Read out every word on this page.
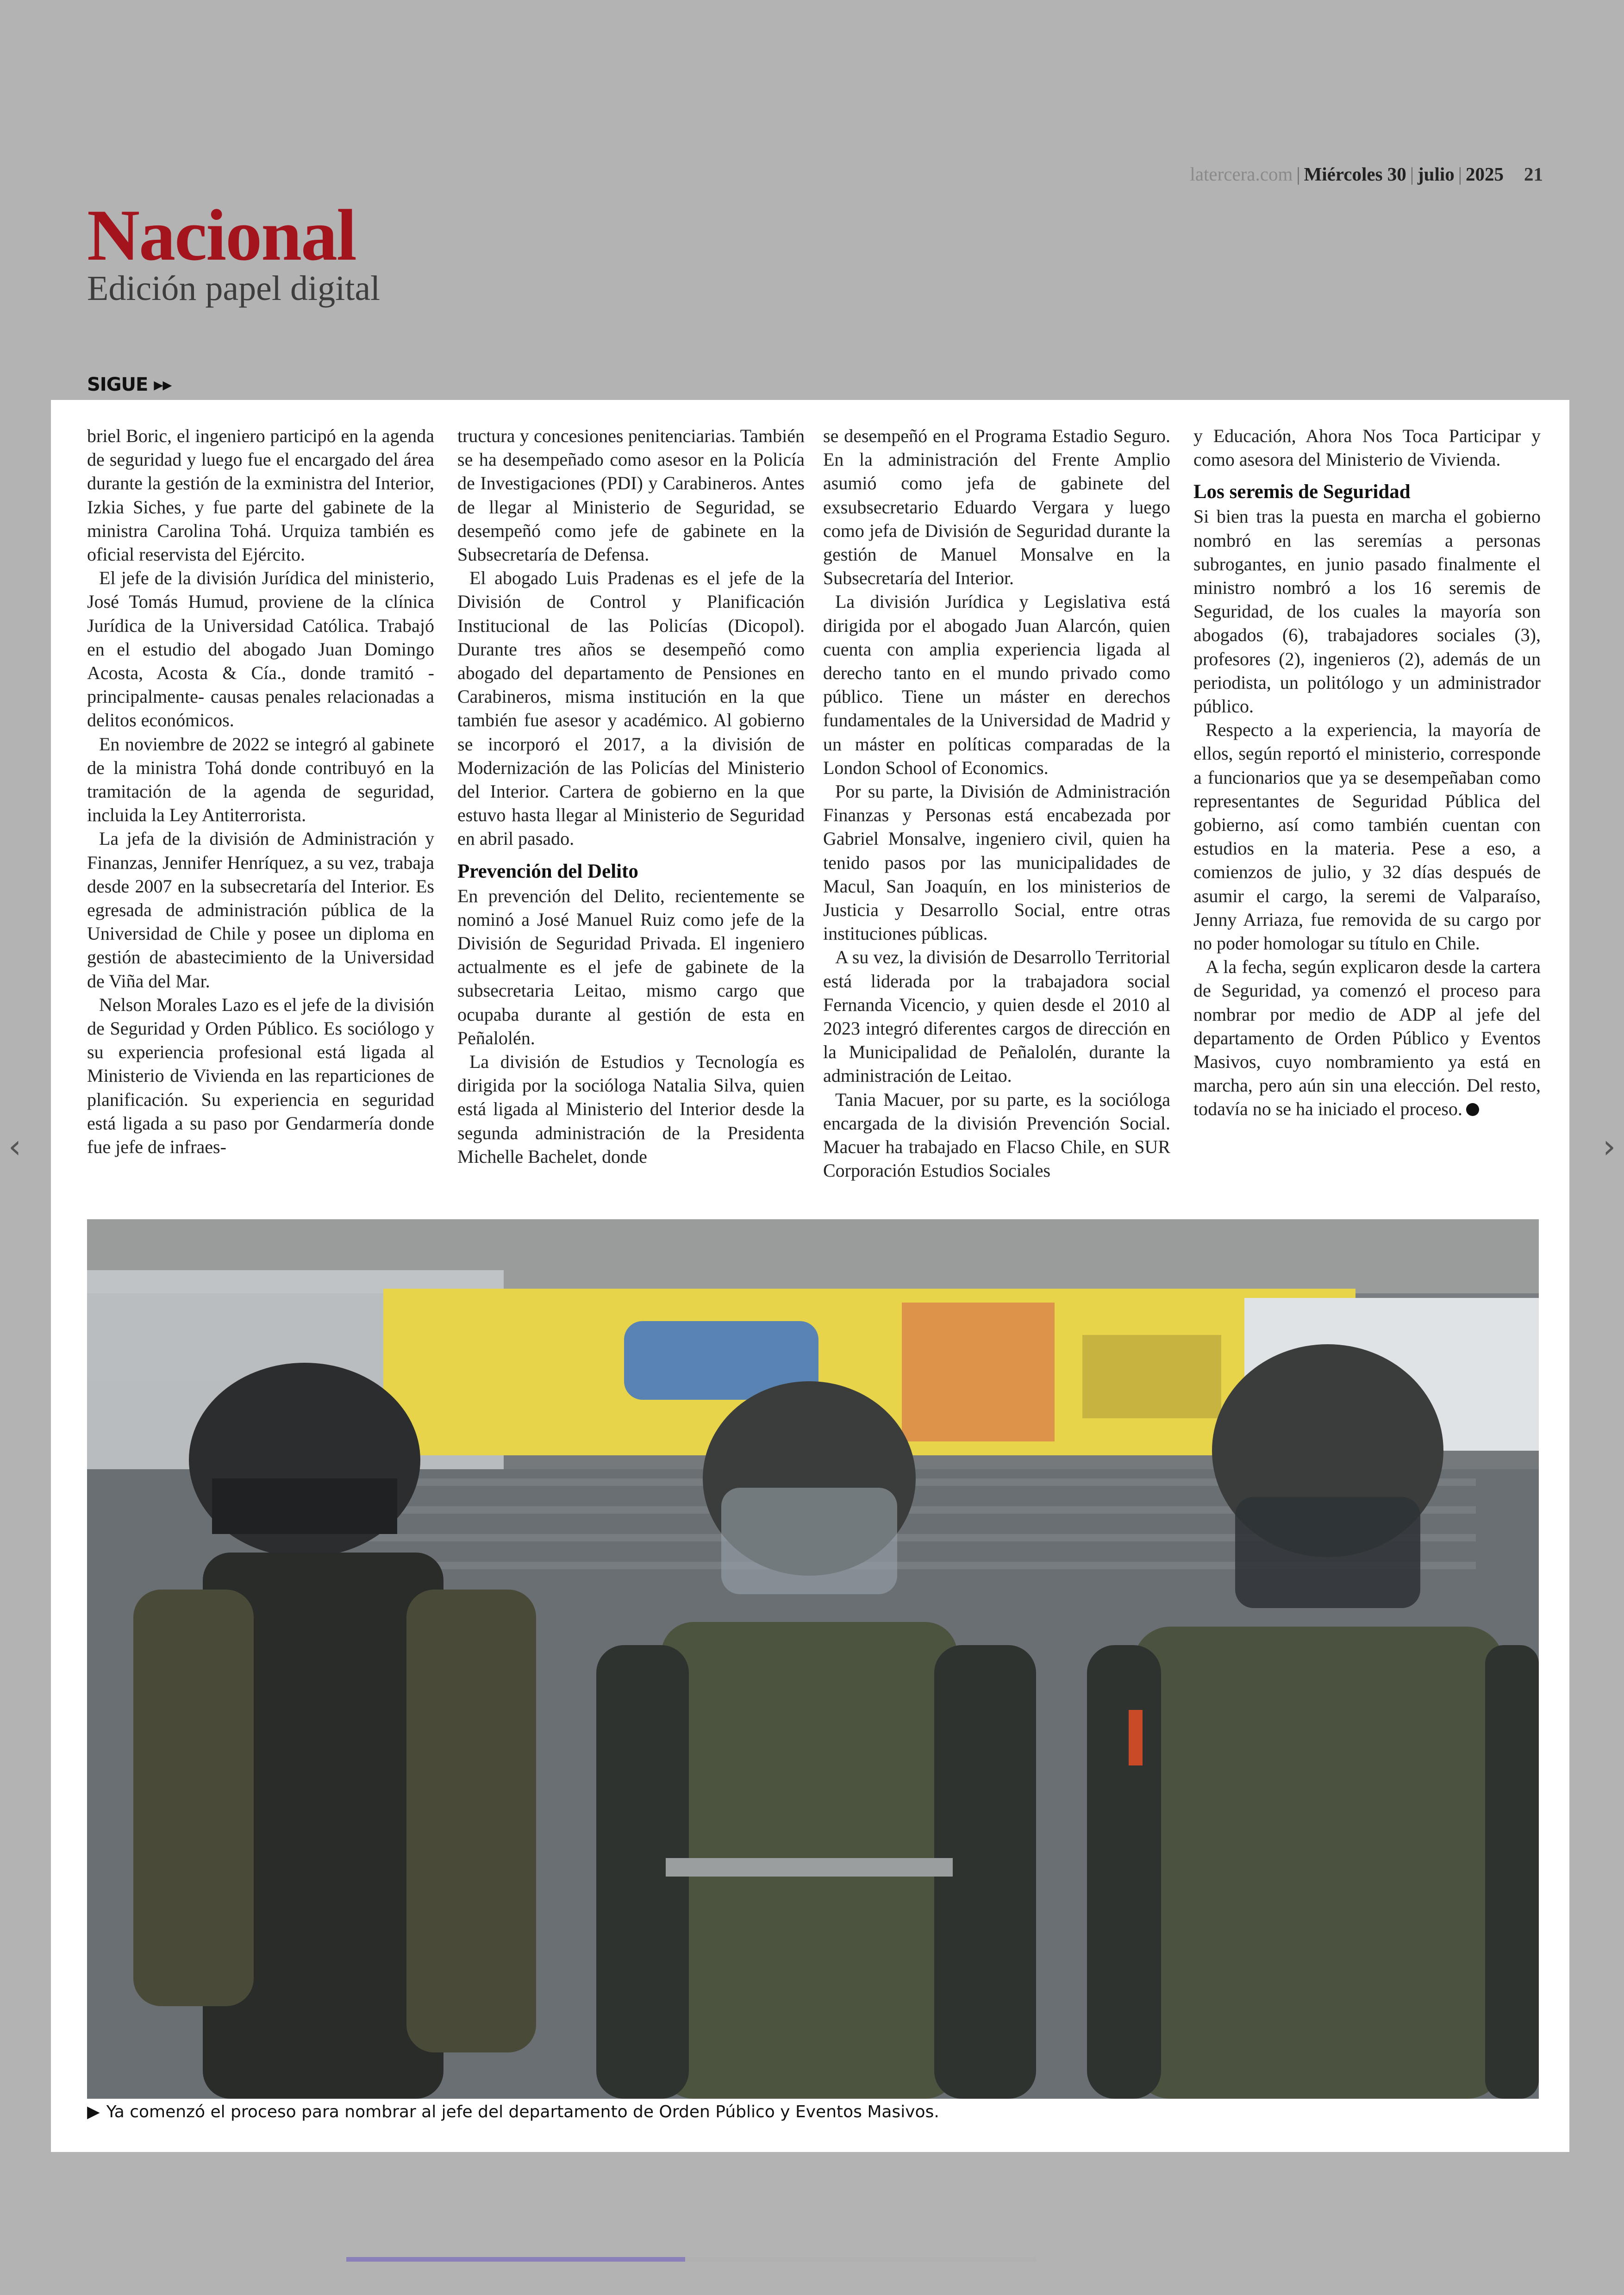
latercera.com | Miércoles 30 | julio | 2025 21
Nacional
Edición papel digital
SIGUE ▸▸

briel Boric, el ingeniero participó en la agenda de seguridad y luego fue el encargado del área durante la gestión de la exministra del Interior, Izkia Siches, y fue parte del gabinete de la ministra Carolina Tohá. Urquiza también es oficial reservista del Ejército.

El jefe de la división Jurídica del ministerio, José Tomás Humud, proviene de la clínica Jurídica de la Universidad Católica. Trabajó en el estudio del abogado Juan Domingo Acosta, Acosta & Cía., donde tramitó -principalmente- causas penales relacionadas a delitos económicos.

En noviembre de 2022 se integró al gabinete de la ministra Tohá donde contribuyó en la tramitación de la agenda de seguridad, incluida la Ley Antiterrorista.

La jefa de la división de Administración y Finanzas, Jennifer Henríquez, a su vez, trabaja desde 2007 en la subsecretaría del Interior. Es egresada de administración pública de la Universidad de Chile y posee un diploma en gestión de abastecimiento de la Universidad de Viña del Mar.

Nelson Morales Lazo es el jefe de la división de Seguridad y Orden Público. Es sociólogo y su experiencia profesional está ligada al Ministerio de Vivienda en las reparticiones de planificación. Su experiencia en seguridad está ligada a su paso por Gendarmería donde fue jefe de infraes-

tructura y concesiones penitenciarias. También se ha desempeñado como asesor en la Policía de Investigaciones (PDI) y Carabineros. Antes de llegar al Ministerio de Seguridad, se desempeñó como jefe de gabinete en la Subsecretaría de Defensa.

El abogado Luis Pradenas es el jefe de la División de Control y Planificación Institucional de las Policías (Dicopol). Durante tres años se desempeñó como abogado del departamento de Pensiones en Carabineros, misma institución en la que también fue asesor y académico. Al gobierno se incorporó el 2017, a la división de Modernización de las Policías del Ministerio del Interior. Cartera de gobierno en la que estuvo hasta llegar al Ministerio de Seguridad en abril pasado.

Prevención del Delito

En prevención del Delito, recientemente se nominó a José Manuel Ruiz como jefe de la División de Seguridad Privada. El ingeniero actualmente es el jefe de gabinete de la subsecretaria Leitao, mismo cargo que ocupaba durante al gestión de esta en Peñalolén.

La división de Estudios y Tecnología es dirigida por la socióloga Natalia Silva, quien está ligada al Ministerio del Interior desde la segunda administración de la Presidenta Michelle Bachelet, donde

se desempeñó en el Programa Estadio Seguro. En la administración del Frente Amplio asumió como jefa de gabinete del exsubsecretario Eduardo Vergara y luego como jefa de División de Seguridad durante la gestión de Manuel Monsalve en la Subsecretaría del Interior.

La división Jurídica y Legislativa está dirigida por el abogado Juan Alarcón, quien cuenta con amplia experiencia ligada al derecho tanto en el mundo privado como público. Tiene un máster en derechos fundamentales de la Universidad de Madrid y un máster en políticas comparadas de la London School of Economics.

Por su parte, la División de Administración Finanzas y Personas está encabezada por Gabriel Monsalve, ingeniero civil, quien ha tenido pasos por las municipalidades de Macul, San Joaquín, en los ministerios de Justicia y Desarrollo Social, entre otras instituciones públicas.

A su vez, la división de Desarrollo Territorial está liderada por la trabajadora social Fernanda Vicencio, y quien desde el 2010 al 2023 integró diferentes cargos de dirección en la Municipalidad de Peñalolén, durante la administración de Leitao.

Tania Macuer, por su parte, es la socióloga encargada de la división Prevención Social. Macuer ha trabajado en Flacso Chile, en SUR Corporación Estudios Sociales

y Educación, Ahora Nos Toca Participar y como asesora del Ministerio de Vivienda.

Los seremis de Seguridad

Si bien tras la puesta en marcha el gobierno nombró en las seremías a personas subrogantes, en junio pasado finalmente el ministro nombró a los 16 seremis de Seguridad, de los cuales la mayoría son abogados (6), trabajadores sociales (3), profesores (2), ingenieros (2), además de un periodista, un politólogo y un administrador público.

Respecto a la experiencia, la mayoría de ellos, según reportó el ministerio, corresponde a funcionarios que ya se desempeñaban como representantes de Seguridad Pública del gobierno, así como también cuentan con estudios en la materia. Pese a eso, a comienzos de julio, y 32 días después de asumir el cargo, la seremi de Valparaíso, Jenny Arriaza, fue removida de su cargo por no poder homologar su título en Chile.

A la fecha, según explicaron desde la cartera de Seguridad, ya comenzó el proceso para nombrar por medio de ADP al jefe del departamento de Orden Público y Eventos Masivos, cuyo nombramiento ya está en marcha, pero aún sin una elección. Del resto, todavía no se ha iniciado el proceso.

▶ Ya comenzó el proceso para nombrar al jefe del departamento de Orden Público y Eventos Masivos.
‹	›
